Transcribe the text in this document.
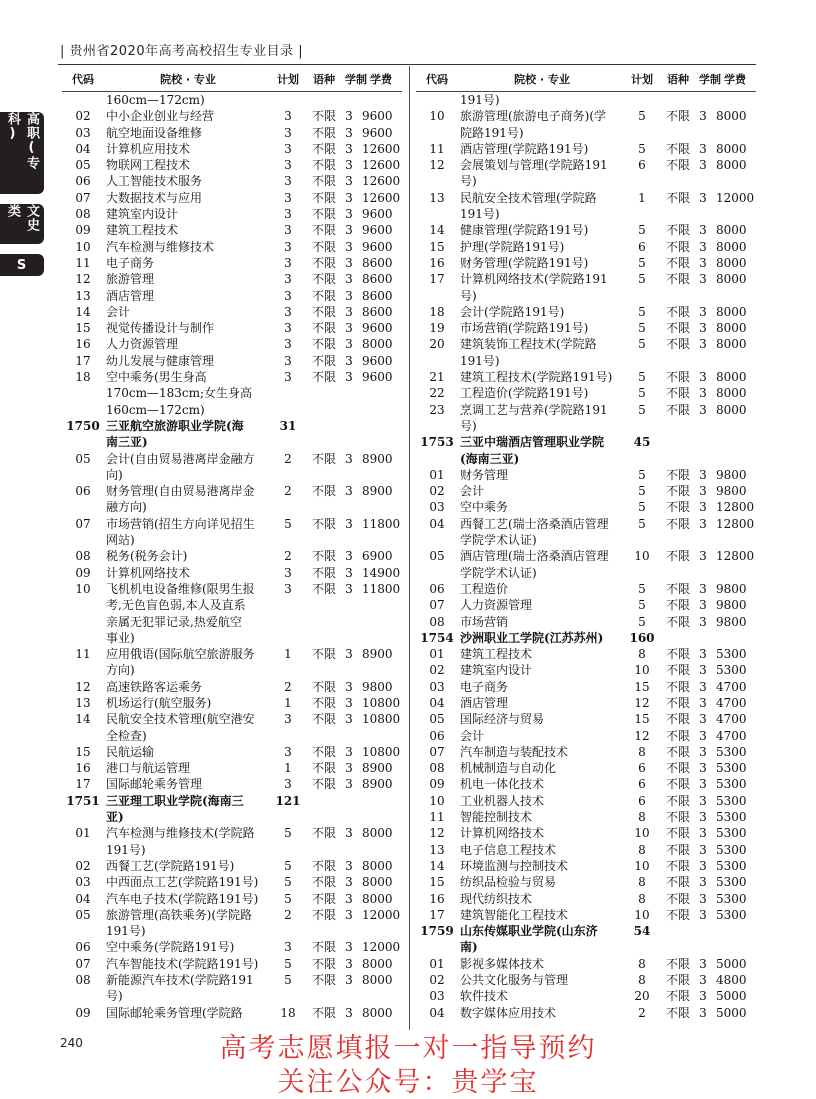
| 贵州省2020年高考高校招生专业目录 |
高职(专科)
文史类
S
代码	院校 · 专业	计划	语种 学制 学费
160cm—172cm)
02	中小企业创业与经营	3	不限 3 9600
03	航空地面设备维修	3	不限 3 9600
04	计算机应用技术	3	不限 3 12600
05	物联网工程技术	3	不限 3 12600
06	人工智能技术服务	3	不限 3 12600
07	大数据技术与应用	3	不限 3 12600
08	建筑室内设计	3	不限 3 9600
09	建筑工程技术	3	不限 3 9600
10	汽车检测与维修技术	3	不限 3 9600
11	电子商务	3	不限 3 8600
12	旅游管理	3	不限 3 8600
13	酒店管理	3	不限 3 8600
14	会计	3	不限 3 8600
15	视觉传播设计与制作	3	不限 3 9600
16	人力资源管理	3	不限 3 8000
17	幼儿发展与健康管理	3	不限 3 9600
18	空中乘务(男生身高	3	不限 3 9600
170cm—183cm;女生身高
160cm—172cm)
1750 三亚航空旅游职业学院(海	31
南三亚)
05	会计(自由贸易港离岸金融方	2	不限 3 8900
向)
06	财务管理(自由贸易港离岸金	2	不限 3 8900
融方向)
07	市场营销(招生方向详见招生	5	不限 3 11800
网站)
08	税务(税务会计)	2	不限 3 6900
09	计算机网络技术	3	不限 3 14900
10	飞机机电设备维修(限男生报	3	不限 3 11800
考,无色盲色弱,本人及直系
亲属无犯罪记录,热爱航空
事业)
11	应用俄语(国际航空旅游服务	1	不限 3 8900
方向)
12	高速铁路客运乘务	2	不限 3 9800
13	机场运行(航空服务)	1	不限 3 10800
14	民航安全技术管理(航空港安	3	不限 3 10800
全检查)
15	民航运输	3	不限 3 10800
16	港口与航运管理	1	不限 3 8900
17	国际邮轮乘务管理	3	不限 3 8900
1751 三亚理工职业学院(海南三	121
亚)
01	汽车检测与维修技术(学院路	5	不限 3 8000
191号)
02	西餐工艺(学院路191号)	5	不限 3 8000
03	中西面点工艺(学院路191号)	5	不限 3 8000
04	汽车电子技术(学院路191号)	5	不限 3 8000
05	旅游管理(高铁乘务)(学院路	2	不限 3 12000
191号)
06	空中乘务(学院路191号)	3	不限 3 12000
07	汽车智能技术(学院路191号)	5	不限 3 8000
08	新能源汽车技术(学院路191	5	不限 3 8000
号)
09	国际邮轮乘务管理(学院路	18	不限 3 8000
代码	院校 · 专业	计划	语种 学制 学费
191号)
10	旅游管理(旅游电子商务)(学	5	不限 3 8000
院路191号)
11	酒店管理(学院路191号)	5	不限 3 8000
12	会展策划与管理(学院路191	6	不限 3 8000
号)
13	民航安全技术管理(学院路	1	不限 3 12000
191号)
14	健康管理(学院路191号)	5	不限 3 8000
15	护理(学院路191号)	6	不限 3 8000
16	财务管理(学院路191号)	5	不限 3 8000
17	计算机网络技术(学院路191	5	不限 3 8000
号)
18	会计(学院路191号)	5	不限 3 8000
19	市场营销(学院路191号)	5	不限 3 8000
20	建筑装饰工程技术(学院路	5	不限 3 8000
191号)
21	建筑工程技术(学院路191号)	5	不限 3 8000
22	工程造价(学院路191号)	5	不限 3 8000
23	烹调工艺与营养(学院路191	5	不限 3 8000
号)
1753 三亚中瑞酒店管理职业学院	45
(海南三亚)
01	财务管理	5	不限 3 9800
02	会计	5	不限 3 9800
03	空中乘务	5	不限 3 12800
04	西餐工艺(瑞士洛桑酒店管理	5	不限 3 12800
学院学术认证)
05	酒店管理(瑞士洛桑酒店管理	10	不限 3 12800
学院学术认证)
06	工程造价	5	不限 3 9800
07	人力资源管理	5	不限 3 9800
08	市场营销	5	不限 3 9800
1754 沙洲职业工学院(江苏苏州)	160
01	建筑工程技术	8	不限 3 5300
02	建筑室内设计	10	不限 3 5300
03	电子商务	15	不限 3 4700
04	酒店管理	12	不限 3 4700
05	国际经济与贸易	15	不限 3 4700
06	会计	12	不限 3 4700
07	汽车制造与装配技术	8	不限 3 5300
08	机械制造与自动化	6	不限 3 5300
09	机电一体化技术	6	不限 3 5300
10	工业机器人技术	6	不限 3 5300
11	智能控制技术	8	不限 3 5300
12	计算机网络技术	10	不限 3 5300
13	电子信息工程技术	8	不限 3 5300
14	环境监测与控制技术	10	不限 3 5300
15	纺织品检验与贸易	8	不限 3 5300
16	现代纺织技术	8	不限 3 5300
17	建筑智能化工程技术	10	不限 3 5300
1759 山东传媒职业学院(山东济	54
南)
01	影视多媒体技术	8	不限 3 5000
02	公共文化服务与管理	8	不限 3 4800
03	软件技术	20	不限 3 5000
04	数字媒体应用技术	2	不限 3 5000
240	高考志愿填报一对一指导预约
关注公众号：贵学宝
